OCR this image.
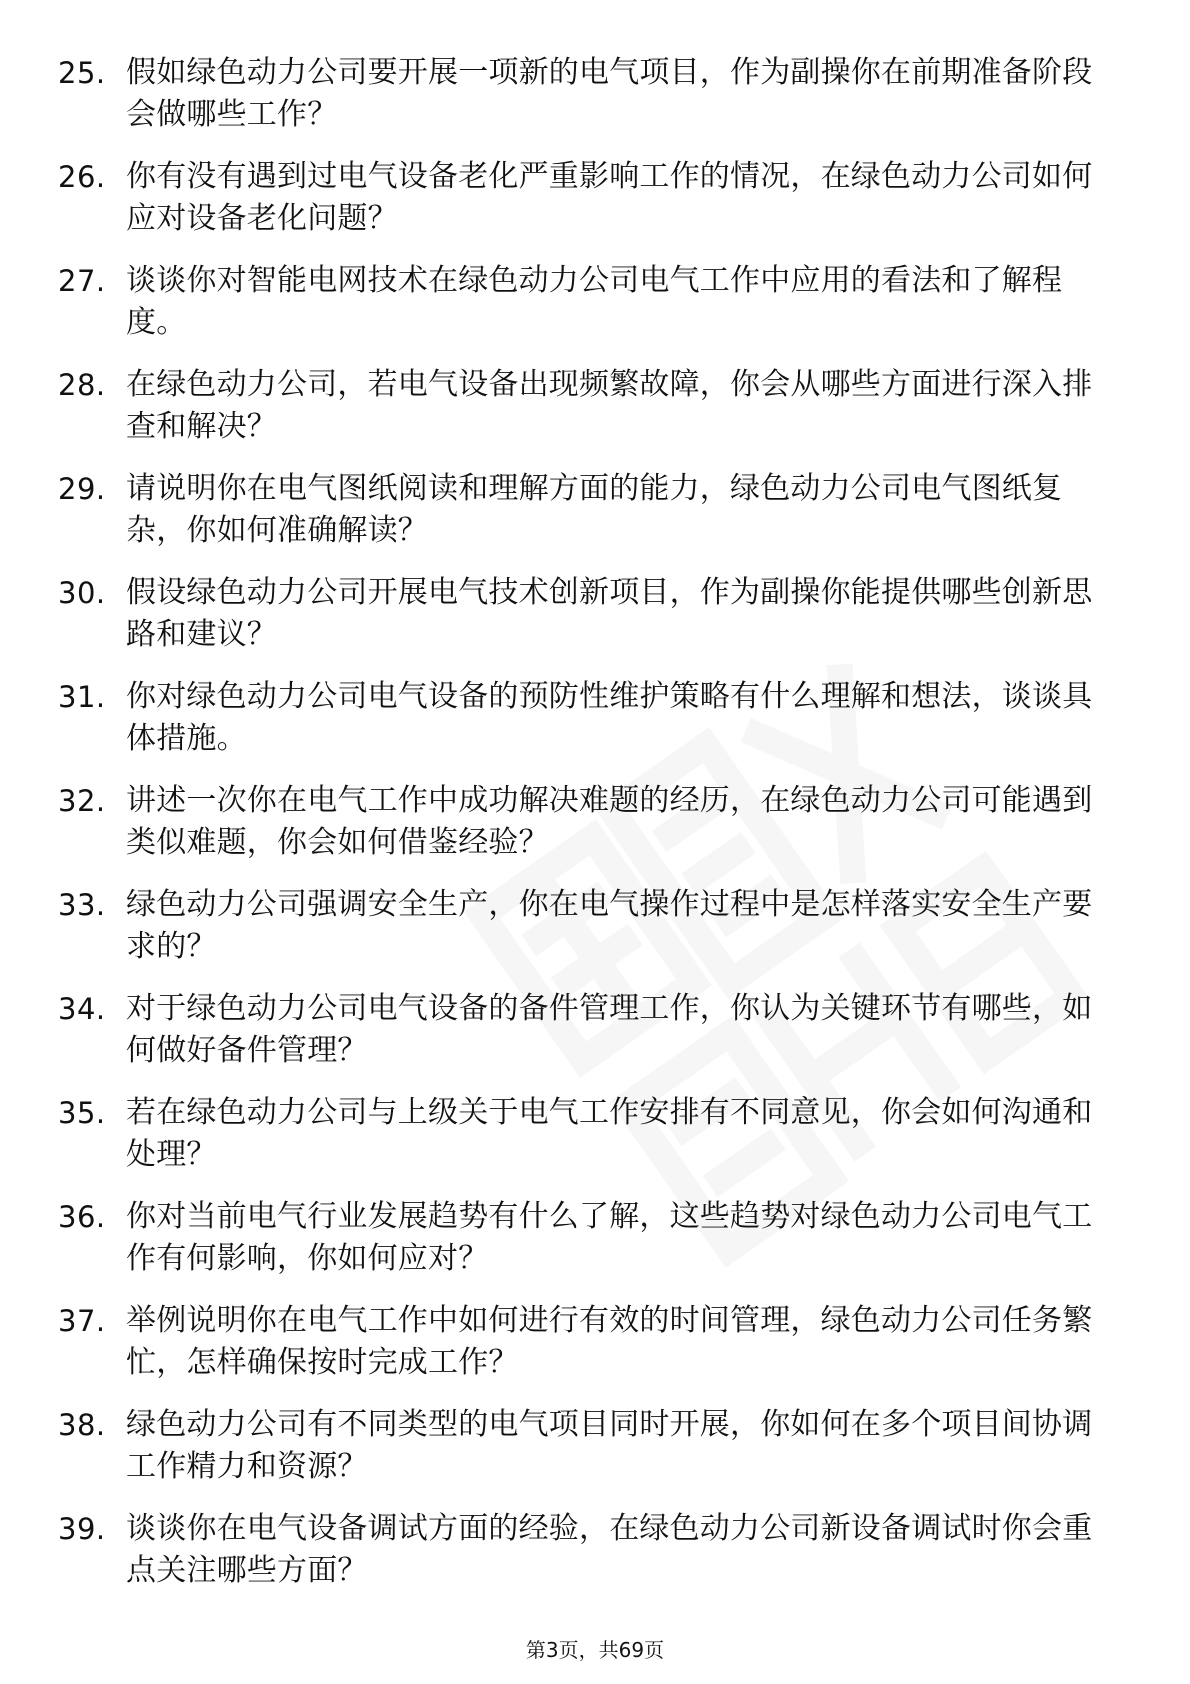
25. 假如绿色动力公司要开展一项新的电气项目，作为副操你在前期准备阶段会做哪些工作？
26. 你有没有遇到过电气设备老化严重影响工作的情况，在绿色动力公司如何应对设备老化问题？
27. 谈谈你对智能电网技术在绿色动力公司电气工作中应用的看法和了解程度。
28. 在绿色动力公司，若电气设备出现频繁故障，你会从哪些方面进行深入排查和解决？
29. 请说明你在电气图纸阅读和理解方面的能力，绿色动力公司电气图纸复杂，你如何准确解读？
30. 假设绿色动力公司开展电气技术创新项目，作为副操你能提供哪些创新思路和建议？
31. 你对绿色动力公司电气设备的预防性维护策略有什么理解和想法，谈谈具体措施。
32. 讲述一次你在电气工作中成功解决难题的经历，在绿色动力公司可能遇到类似难题，你会如何借鉴经验？
33. 绿色动力公司强调安全生产，你在电气操作过程中是怎样落实安全生产要求的？
34. 对于绿色动力公司电气设备的备件管理工作，你认为关键环节有哪些，如何做好备件管理？
35. 若在绿色动力公司与上级关于电气工作安排有不同意见，你会如何沟通和处理？
36. 你对当前电气行业发展趋势有什么了解，这些趋势对绿色动力公司电气工作有何影响，你如何应对？
37. 举例说明你在电气工作中如何进行有效的时间管理，绿色动力公司任务繁忙，怎样确保按时完成工作？
38. 绿色动力公司有不同类型的电气项目同时开展，你如何在多个项目间协调工作精力和资源？
39. 谈谈你在电气设备调试方面的经验，在绿色动力公司新设备调试时你会重点关注哪些方面？
第3页，共69页
